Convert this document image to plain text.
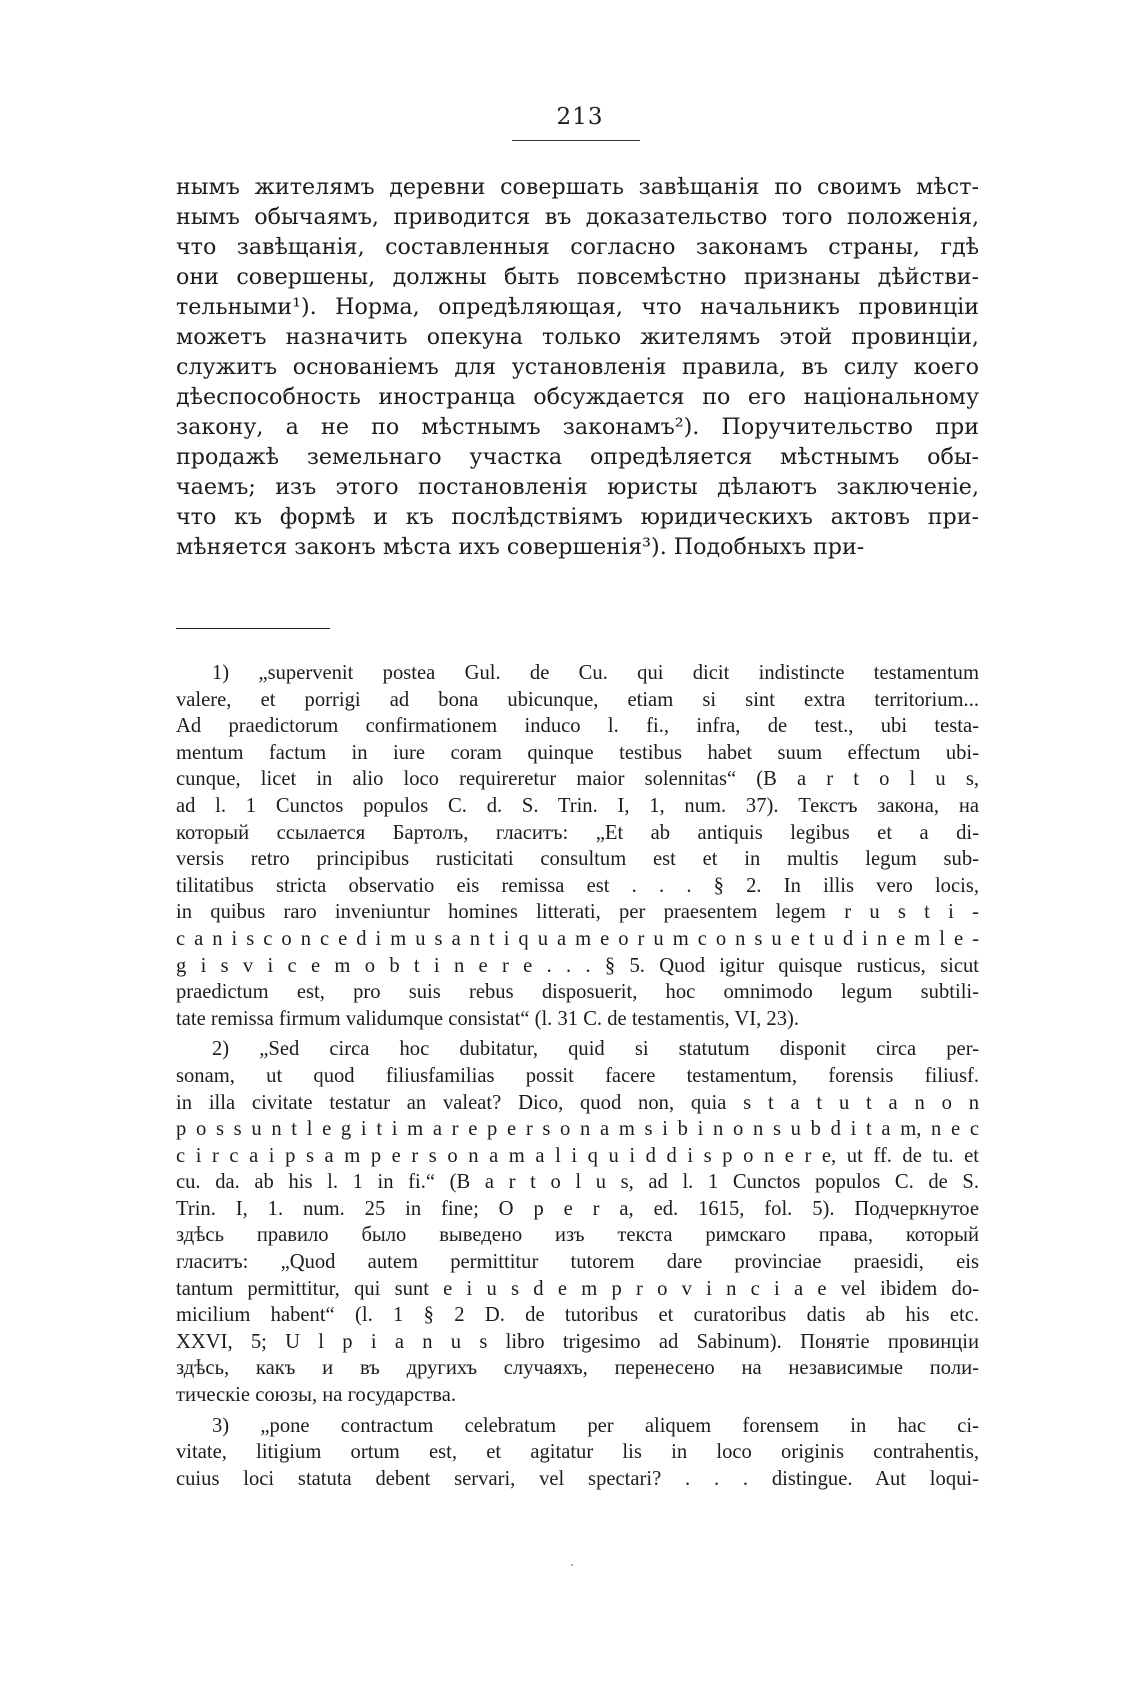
213
нымъ жителямъ деревни совершать завѣщанія по своимъ мѣст-
нымъ обычаямъ, приводится въ доказательство того положенія,
что завѣщанія, составленныя согласно законамъ страны, гдѣ
они совершены, должны быть повсемѣстно признаны дѣйстви-
тельными¹). Норма, опредѣляющая, что начальникъ провинціи
можетъ назначить опекуна только жителямъ этой провинціи,
служитъ основаніемъ для установленія правила, въ силу коего
дѣеспособность иностранца обсуждается по его національному
закону, а не по мѣстнымъ законамъ²). Поручительство при
продажѣ земельнаго участка опредѣляется мѣстнымъ обы-
чаемъ; изъ этого постановленія юристы дѣлаютъ заключеніе,
что къ формѣ и къ послѣдствіямъ юридическихъ актовъ при-
мѣняется законъ мѣста ихъ совершенія³). Подобныхъ при-
1) „supervenit postea Gul. de Cu. qui dicit indistincte testamentum
valere, et porrigi ad bona ubicunque, etiam si sint extra territorium...
Ad praedictorum confirmationem induco l. fi., infra, de test., ubi testa-
mentum factum in iure coram quinque testibus habet suum effectum ubi-
cunque, licet in alio loco requireretur maior solennitas“ (B a r t o l u s,
ad l. 1 Cunctos populos C. d. S. Trin. I, 1, num. 37). Текстъ закона, на
который ссылается Бартолъ, гласитъ: „Et ab antiquis legibus et a di-
versis retro principibus rusticitati consultum est et in multis legum sub-
tilitatibus stricta observatio eis remissa est . . . § 2. In illis vero locis,
in quibus raro inveniuntur homines litterati, per praesentem legem r u s t i -
c a n i s c o n c e d i m u s a n t i q u a m e o r u m c o n s u e t u d i n e m l e -
g i s v i c e m o b t i n e r e . . . § 5. Quod igitur quisque rusticus, sicut
praedictum est, pro suis rebus disposuerit, hoc omnimodo legum subtili-
tate remissa firmum validumque consistat“ (l. 31 C. de testamentis, VI, 23).
2) „Sed circa hoc dubitatur, quid si statutum disponit circa per-
sonam, ut quod filiusfamilias possit facere testamentum, forensis filiusf.
in illa civitate testatur an valeat? Dico, quod non, quia s t a t u t a n o n
p o s s u n t l e g i t i m a r e p e r s o n a m s i b i n o n s u b d i t a m, n e c
c i r c a i p s a m p e r s o n a m a l i q u i d d i s p o n e r e, ut ff. de tu. et
cu. da. ab his l. 1 in fi.“ (B a r t o l u s, ad l. 1 Cunctos populos C. de S.
Trin. I, 1. num. 25 in fine; O p e r a, ed. 1615, fol. 5). Подчеркнутое
здѣсь правило было выведено изъ текста римскаго права, который
гласитъ: „Quod autem permittitur tutorem dare provinciae praesidi, eis
tantum permittitur, qui sunt e i u s d e m p r o v i n c i a e vel ibidem do-
micilium habent“ (l. 1 § 2 D. de tutoribus et curatoribus datis ab his etc.
XXVI, 5; U l p i a n u s libro trigesimo ad Sabinum). Понятіе провинціи
здѣсь, какъ и въ другихъ случаяхъ, перенесено на независимые поли-
тическіе союзы, на государства.
3) „pone contractum celebratum per aliquem forensem in hac ci-
vitate, litigium ortum est, et agitatur lis in loco originis contrahentis,
cuius loci statuta debent servari, vel spectari? . . . distingue. Aut loqui-
˴
